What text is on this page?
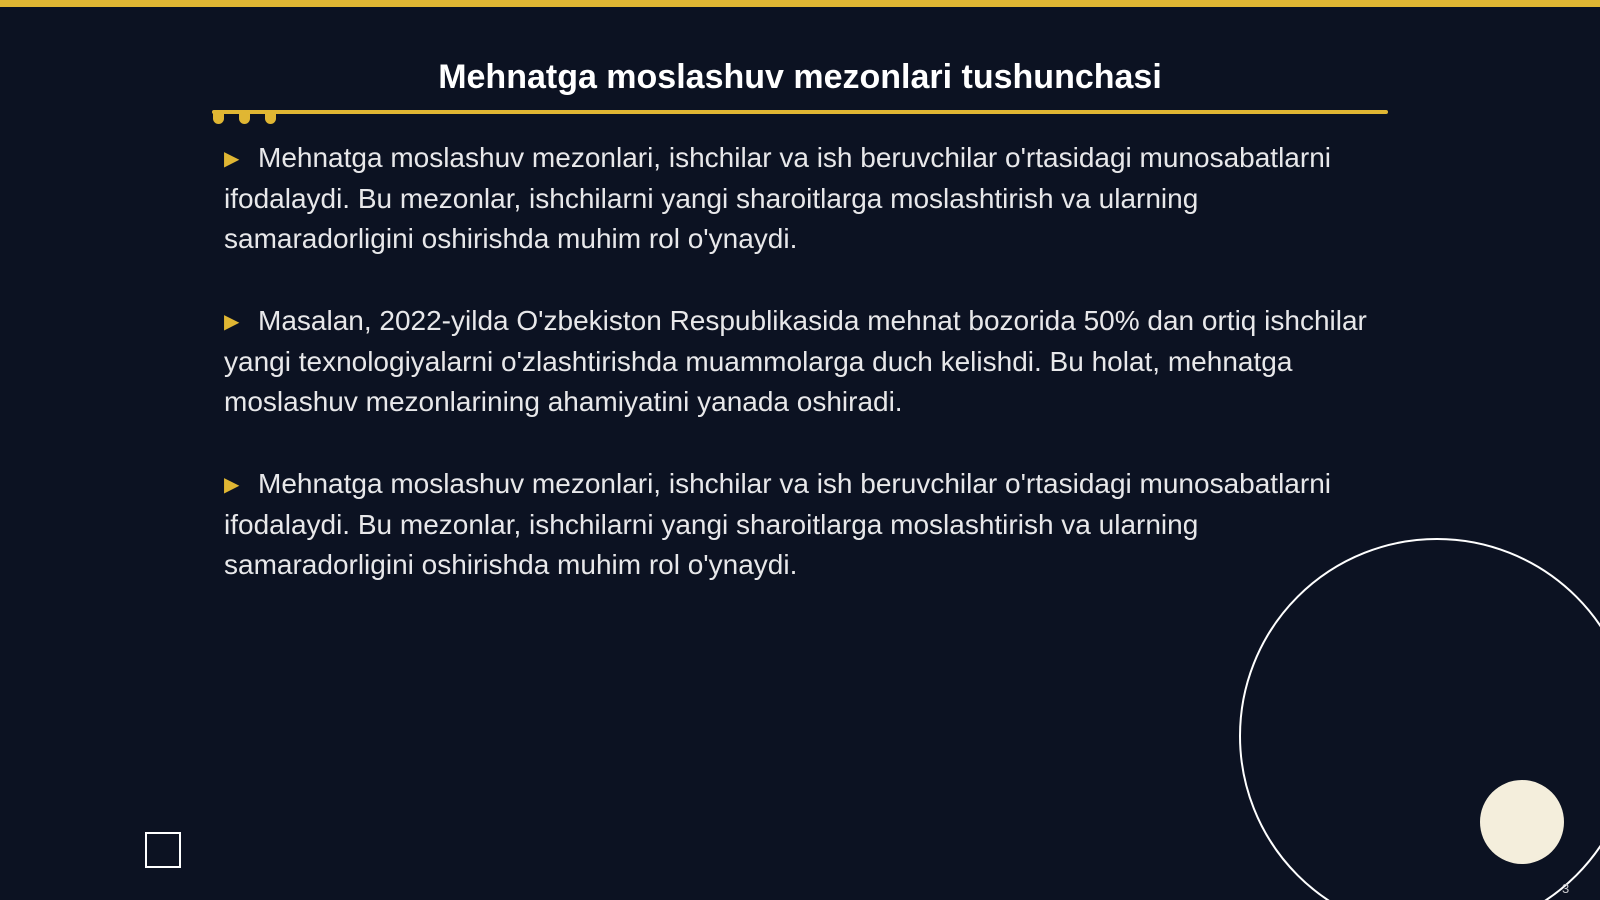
Mehnatga moslashuv mezonlari tushunchasi

▶ Mehnatga moslashuv mezonlari, ishchilar va ish beruvchilar o'rtasidagi munosabatlarni ifodalaydi. Bu mezonlar, ishchilarni yangi sharoitlarga moslashtirish va ularning samaradorligini oshirishda muhim rol o'ynaydi.

▶ Masalan, 2022-yilda O'zbekiston Respublikasida mehnat bozorida 50% dan ortiq ishchilar yangi texnologiyalarni o'zlashtirishda muammolarga duch kelishdi. Bu holat, mehnatga moslashuv mezonlarining ahamiyatini yanada oshiradi.

▶ Mehnatga moslashuv mezonlari, ishchilar va ish beruvchilar o'rtasidagi munosabatlarni ifodalaydi. Bu mezonlar, ishchilarni yangi sharoitlarga moslashtirish va ularning samaradorligini oshirishda muhim rol o'ynaydi.

3
